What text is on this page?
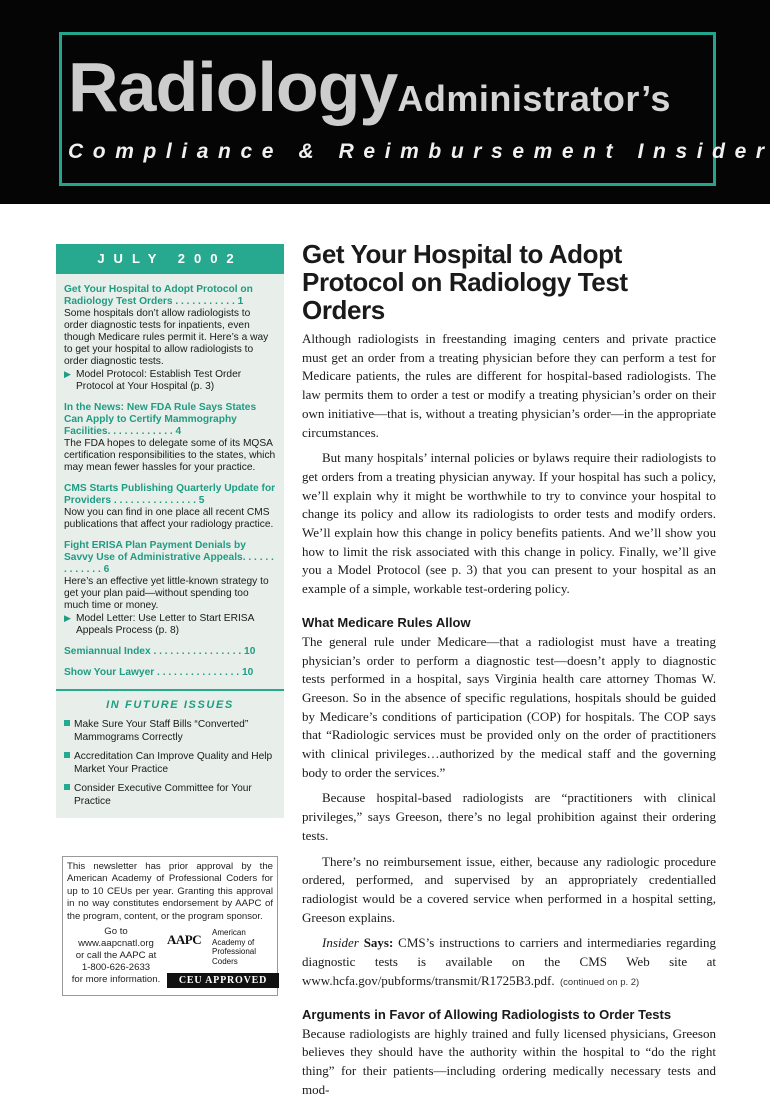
RadiologyAdministrator’s
Compliance & Reimbursement Insider
JULY 2002
Get Your Hospital to Adopt Protocol on Radiology Test Orders . . . . . . . . . . . 1
Some hospitals don’t allow radiologists to order diagnostic tests for inpatients, even though Medicare rules permit it. Here’s a way to get your hospital to allow radiologists to order diagnostic tests.
▶ Model Protocol: Establish Test Order Protocol at Your Hospital (p. 3)
In the News: New FDA Rule Says States Can Apply to Certify Mammography Facilities. . . . . . . . . . . . 4
The FDA hopes to delegate some of its MQSA certification responsibilities to the states, which may mean fewer hassles for your practice.
CMS Starts Publishing Quarterly Update for Providers . . . . . . . . . . . . . . . 5
Now you can find in one place all recent CMS publications that affect your radiology practice.
Fight ERISA Plan Payment Denials by Savvy Use of Administrative Appeals. . . . . . . . . . . . . 6
Here’s an effective yet little-known strategy to get your plan paid—without spending too much time or money.
▶ Model Letter: Use Letter to Start ERISA Appeals Process (p. 8)
Semiannual Index . . . . . . . . . . . . . . . . 10
Show Your Lawyer . . . . . . . . . . . . . . . 10
IN FUTURE ISSUES
Make Sure Your Staff Bills “Converted” Mammograms Correctly
Accreditation Can Improve Quality and Help Market Your Practice
Consider Executive Committee for Your Practice
This newsletter has prior approval by the American Academy of Professional Coders for up to 10 CEUs per year. Granting this approval in no way constitutes endorsement by AAPC of the program, content, or the program sponsor.
Go to www.aapcnatl.org
or call the AAPC at
1-800-626-2633
for more information.
AAPC American
Academy of
Professional Coders
CEU APPROVED
Get Your Hospital to Adopt Protocol on Radiology Test Orders

Although radiologists in freestanding imaging centers and private practice must get an order from a treating physician before they can perform a test for Medicare patients, the rules are different for hospital-based radiologists. The law permits them to order a test or modify a treating physician’s order on their own initiative—that is, without a treating physician’s order—in the appropriate circumstances.

But many hospitals’ internal policies or bylaws require their radiologists to get orders from a treating physician anyway. If your hospital has such a policy, we’ll explain why it might be worthwhile to try to convince your hospital to change its policy and allow its radiologists to order tests and modify orders. We’ll explain how this change in policy benefits patients. And we’ll show you how to limit the risk associated with this change in policy. Finally, we’ll give you a Model Protocol (see p. 3) that you can present to your hospital as an example of a simple, workable test-ordering policy.

What Medicare Rules Allow

The general rule under Medicare—that a radiologist must have a treating physician’s order to perform a diagnostic test—doesn’t apply to diagnostic tests performed in a hospital, says Virginia health care attorney Thomas W. Greeson. So in the absence of specific regulations, hospitals should be guided by Medicare’s conditions of participation (COP) for hospitals. The COP says that “Radiologic services must be provided only on the order of practitioners with clinical privileges…authorized by the medical staff and the governing body to order the services.”

Because hospital-based radiologists are “practitioners with clinical privileges,” says Greeson, there’s no legal prohibition against their ordering tests.

There’s no reimbursement issue, either, because any radiologic procedure ordered, performed, and supervised by an appropriately credentialled radiologist would be a covered service when performed in a hospital setting, Greeson explains.

Insider Says: CMS’s instructions to carriers and intermediaries regarding diagnostic tests is available on the CMS Web site at www.hcfa.gov/pubforms/transmit/R1725B3.pdf.

Arguments in Favor of Allowing Radiologists to Order Tests

Because radiologists are highly trained and fully licensed physicians, Greeson believes they should have the authority within the hospital to “do the right thing” for their patients—including ordering medically necessary tests and mod-

(continued on p. 2)
